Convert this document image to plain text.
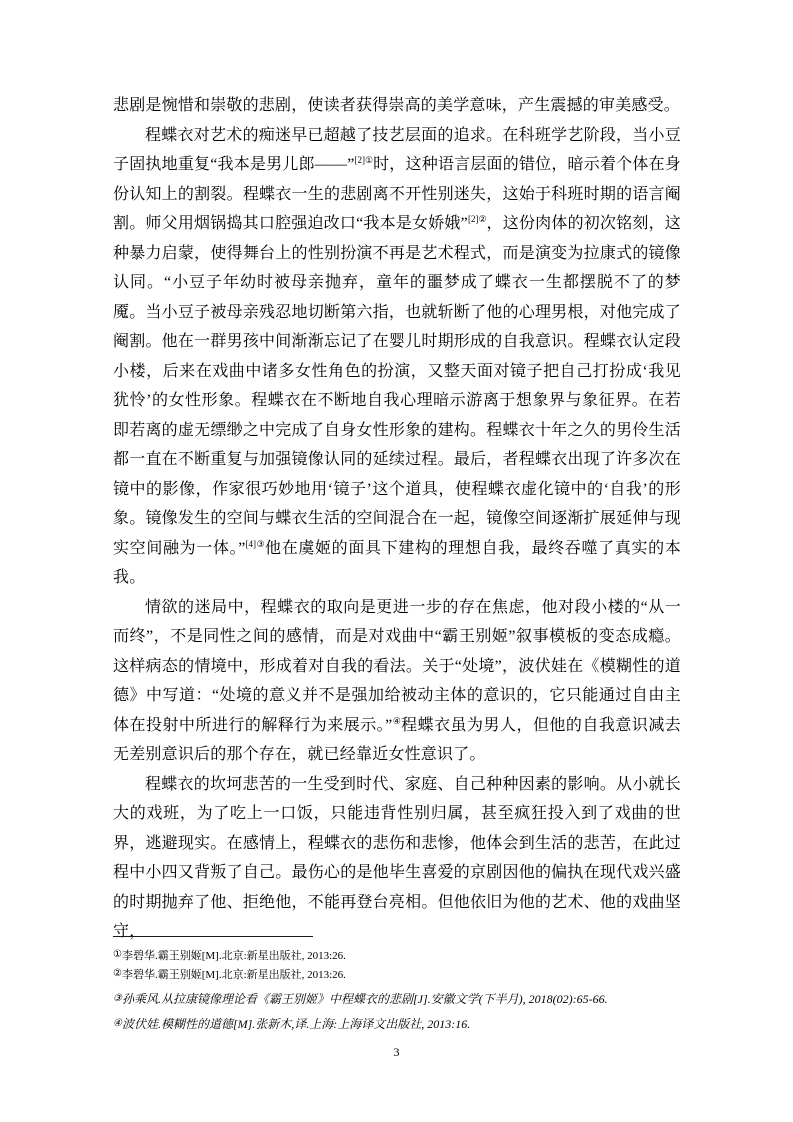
悲剧是惋惜和崇敬的悲剧，使读者获得崇高的美学意味，产生震撼的审美感受。

程蝶衣对艺术的痴迷早已超越了技艺层面的追求。在科班学艺阶段，当小豆子固执地重复“我本是男儿郎——”$^{[2]①}$时，这种语言层面的错位，暗示着个体在身份认知上的割裂。程蝶衣一生的悲剧离不开性别迷失，这始于科班时期的语言阉割。师父用烟锅捣其口腔强迫改口“我本是女娇娥”$^{[2]②}$，这份肉体的初次铭刻，这种暴力启蒙，使得舞台上的性别扮演不再是艺术程式，而是演变为拉康式的镜像认同。“小豆子年幼时被母亲抛弃，童年的噩梦成了蝶衣一生都摆脱不了的梦魇。当小豆子被母亲残忍地切断第六指，也就斩断了他的心理男根，对他完成了阉割。他在一群男孩中间渐渐忘记了在婴儿时期形成的自我意识。程蝶衣认定段小楼，后来在戏曲中诸多女性角色的扮演，又整天面对镜子把自己打扮成‘我见犹怜’的女性形象。程蝶衣在不断地自我心理暗示游离于想象界与象征界。在若即若离的虚无缥缈之中完成了自身女性形象的建构。程蝶衣十年之久的男伶生活都一直在不断重复与加强镜像认同的延续过程。最后，者程蝶衣出现了许多次在镜中的影像，作家很巧妙地用‘镜子’这个道具，使程蝶衣虚化镜中的‘自我’的形象。镜像发生的空间与蝶衣生活的空间混合在一起，镜像空间逐渐扩展延伸与现实空间融为一体。”$^{[4]③}$他在虞姬的面具下建构的理想自我，最终吞噬了真实的本我。

情欲的迷局中，程蝶衣的取向是更进一步的存在焦虑，他对段小楼的“从一而终”，不是同性之间的感情，而是对戏曲中“霸王别姬”叙事模板的变态成瘾。这样病态的情境中，形成着对自我的看法。关于“处境”，波伏娃在《模糊性的道德》中写道：“处境的意义并不是强加给被动主体的意识的，它只能通过自由主体在投射中所进行的解释行为来展示。”④程蝶衣虽为男人，但他的自我意识减去无差别意识后的那个存在，就已经靠近女性意识了。

程蝶衣的坎坷悲苦的一生受到时代、家庭、自己种种因素的影响。从小就长大的戏班，为了吃上一口饭，只能违背性别归属，甚至疯狂投入到了戏曲的世界，逃避现实。在感情上，程蝶衣的悲伤和悲惨，他体会到生活的悲苦，在此过程中小四又背叛了自己。最伤心的是他毕生喜爱的京剧因他的偏执在现代戏兴盛的时期抛弃了他、拒绝他，不能再登台亮相。但他依旧为他的艺术、他的戏曲坚守，

①李碧华.霸王别姬[M].北京:新星出版社, 2013:26.
②李碧华.霸王别姬[M].北京:新星出版社, 2013:26.
③孙乘风.从拉康镜像理论看《霸王别姬》中程蝶衣的悲剧[J].安徽文学(下半月), 2018(02):65-66.
④波伏娃.模糊性的道德[M].张新木,译.上海:上海译文出版社, 2013:16.
3
